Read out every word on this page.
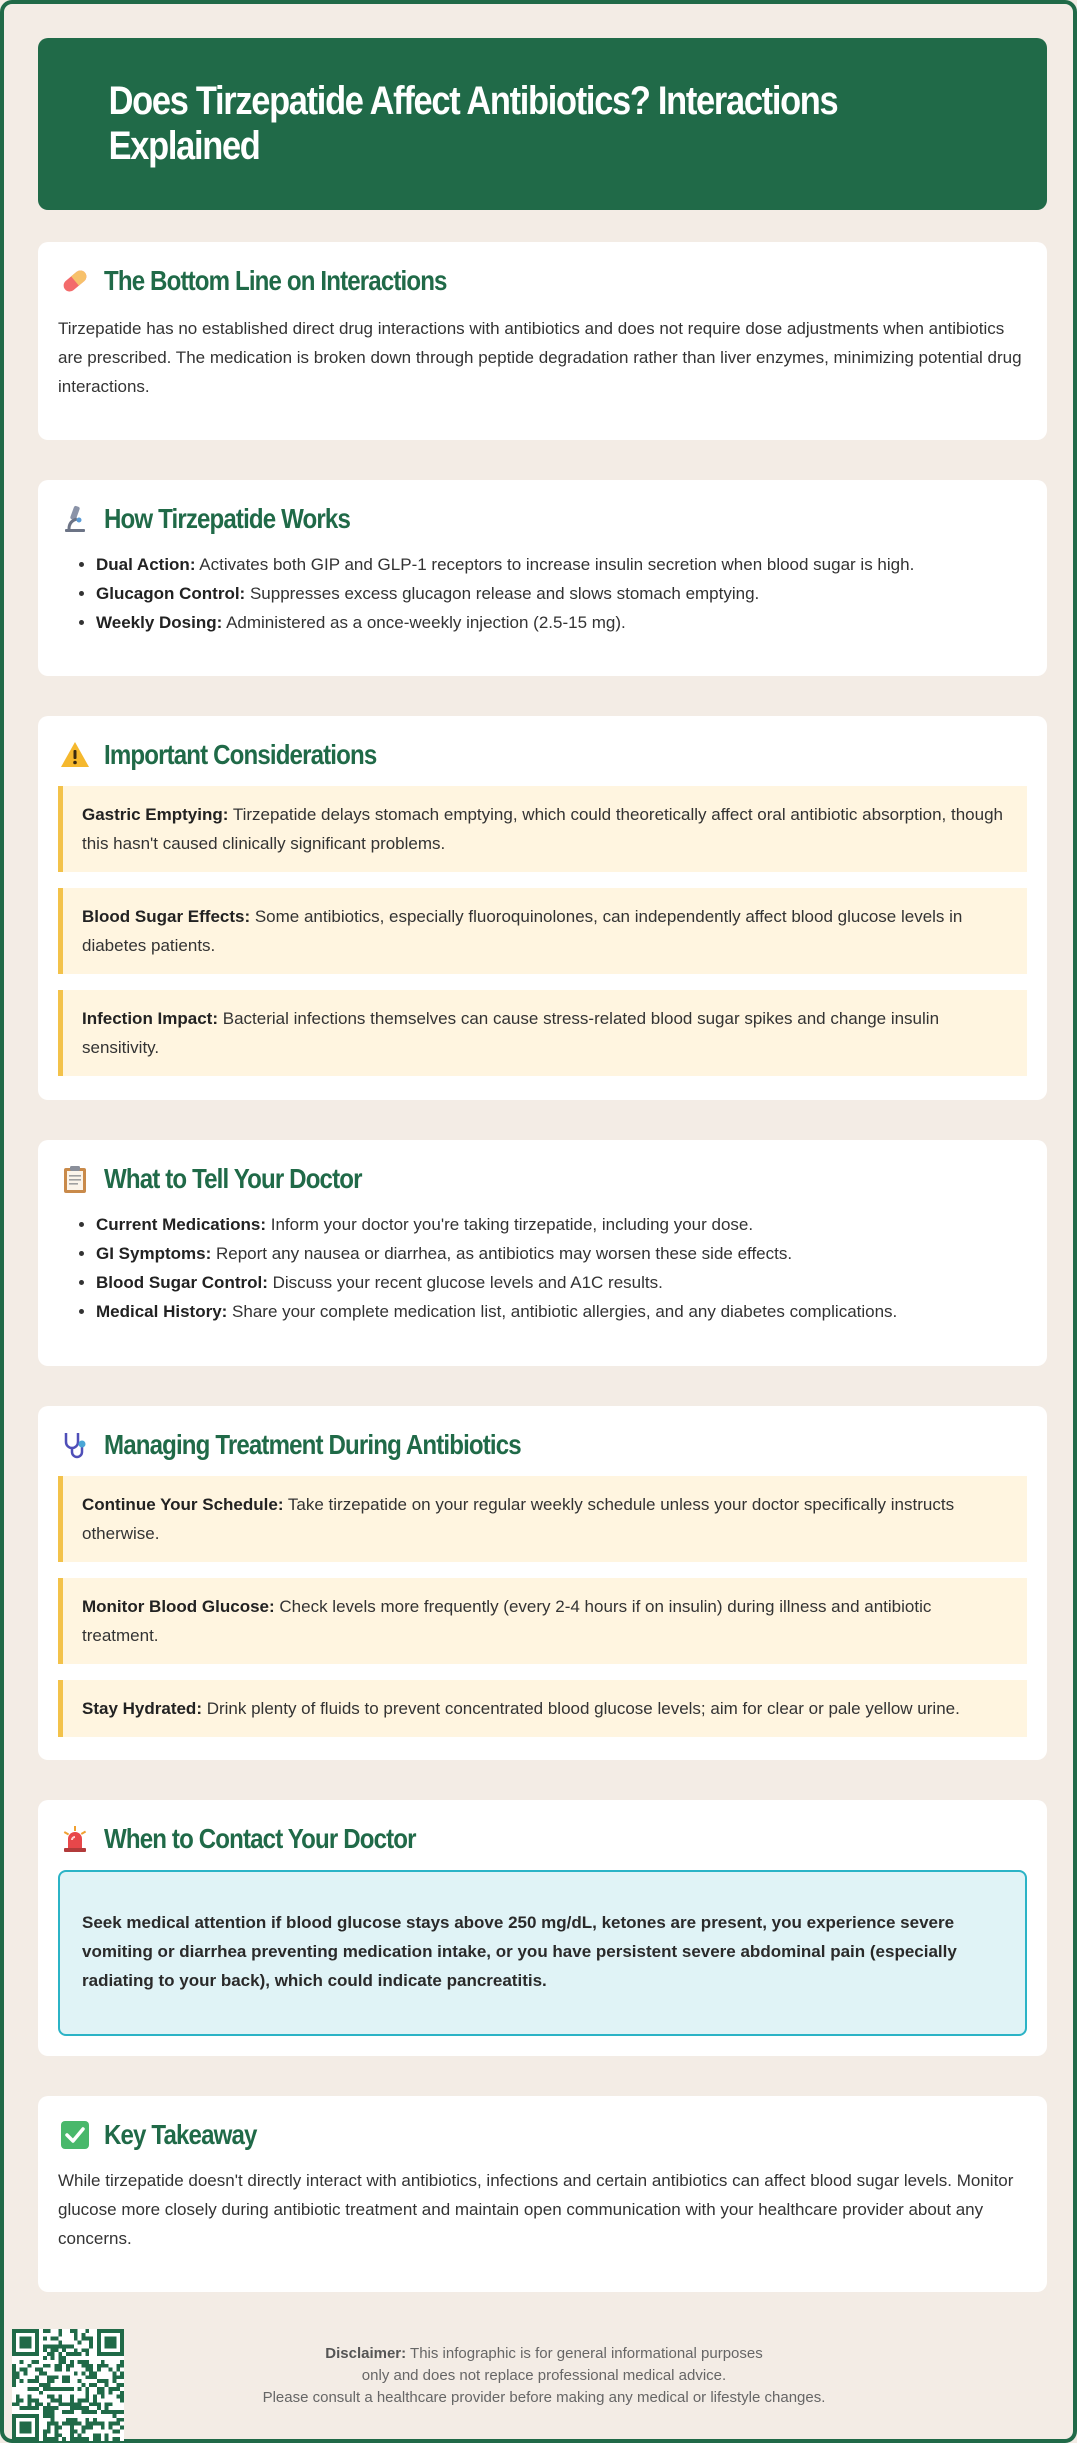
Does Tirzepatide Affect Antibiotics? Interactions Explained
The Bottom Line on Interactions

Tirzepatide has no established direct drug interactions with antibiotics and does not require dose adjustments when antibiotics are prescribed. The medication is broken down through peptide degradation rather than liver enzymes, minimizing potential drug interactions.

How Tirzepatide Works
• Dual Action: Activates both GIP and GLP-1 receptors to increase insulin secretion when blood sugar is high.
• Glucagon Control: Suppresses excess glucagon release and slows stomach emptying.
• Weekly Dosing: Administered as a once-weekly injection (2.5-15 mg).
Important Considerations
Gastric Emptying: Tirzepatide delays stomach emptying, which could theoretically affect oral antibiotic absorption, though this hasn't caused clinically significant problems.
Blood Sugar Effects: Some antibiotics, especially fluoroquinolones, can independently affect blood glucose levels in diabetes patients.
Infection Impact: Bacterial infections themselves can cause stress-related blood sugar spikes and change insulin sensitivity.
What to Tell Your Doctor
• Current Medications: Inform your doctor you're taking tirzepatide, including your dose.
• GI Symptoms: Report any nausea or diarrhea, as antibiotics may worsen these side effects.
• Blood Sugar Control: Discuss your recent glucose levels and A1C results.
• Medical History: Share your complete medication list, antibiotic allergies, and any diabetes complications.
Managing Treatment During Antibiotics
Continue Your Schedule: Take tirzepatide on your regular weekly schedule unless your doctor specifically instructs otherwise.
Monitor Blood Glucose: Check levels more frequently (every 2-4 hours if on insulin) during illness and antibiotic treatment.
Stay Hydrated: Drink plenty of fluids to prevent concentrated blood glucose levels; aim for clear or pale yellow urine.
When to Contact Your Doctor
Seek medical attention if blood glucose stays above 250 mg/dL, ketones are present, you experience severe vomiting or diarrhea preventing medication intake, or you have persistent severe abdominal pain (especially radiating to your back), which could indicate pancreatitis.
Key Takeaway

While tirzepatide doesn't directly interact with antibiotics, infections and certain antibiotics can affect blood sugar levels. Monitor glucose more closely during antibiotic treatment and maintain open communication with your healthcare provider about any concerns.

Disclaimer: This infographic is for general informational purposes
only and does not replace professional medical advice.
Please consult a healthcare provider before making any medical or lifestyle changes.
